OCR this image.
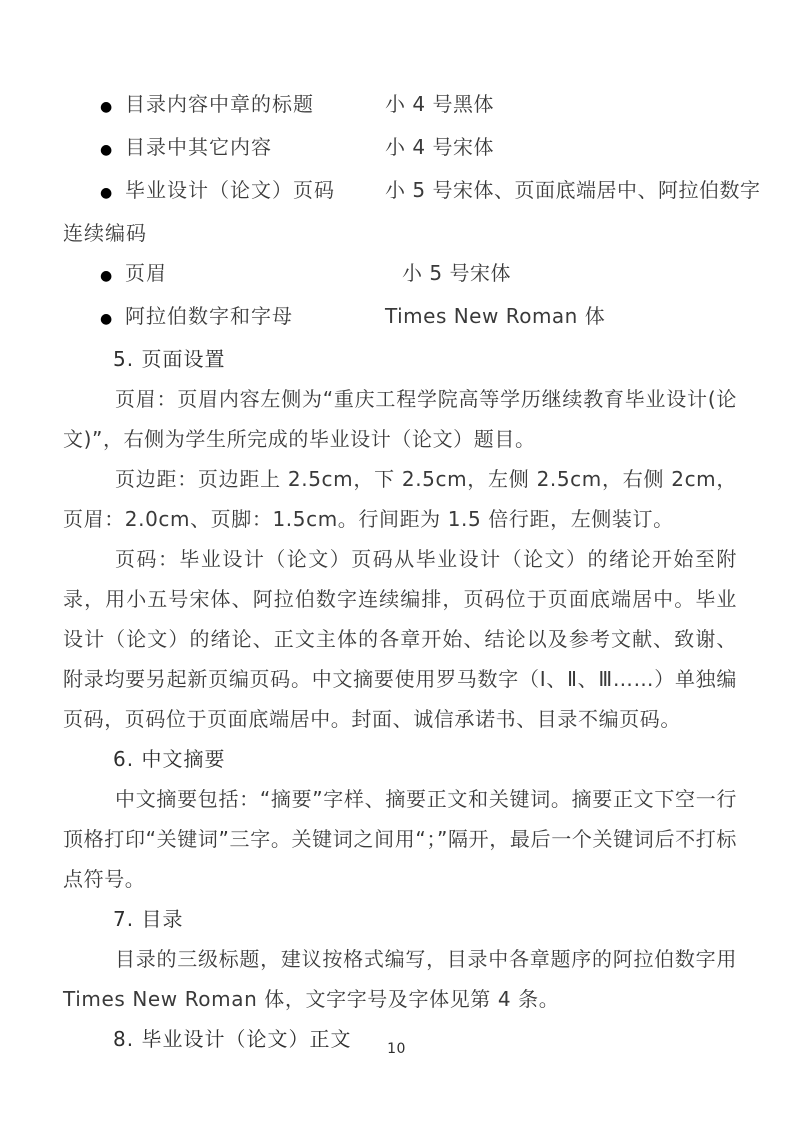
● 目录内容中章的标题	小 4 号黑体
● 目录中其它内容	小 4 号宋体
● 毕业设计（论文）页码	小 5 号宋体、页面底端居中、阿拉伯数字
连续编码
● 页眉	小 5 号宋体
● 阿拉伯数字和字母	Times New Roman 体
5. 页面设置

页眉：页眉内容左侧为“重庆工程学院高等学历继续教育毕业设计(论文)”，右侧为学生所完成的毕业设计（论文）题目。

页边距：页边距上 2.5cm，下 2.5cm，左侧 2.5cm，右侧 2cm，页眉：2.0cm、页脚：1.5cm。行间距为 1.5 倍行距，左侧装订。

页码：毕业设计（论文）页码从毕业设计（论文）的绪论开始至附录，用小五号宋体、阿拉伯数字连续编排，页码位于页面底端居中。毕业设计（论文）的绪论、正文主体的各章开始、结论以及参考文献、致谢、附录均要另起新页编页码。中文摘要使用罗马数字（Ⅰ、Ⅱ、Ⅲ……）单独编页码，页码位于页面底端居中。封面、诚信承诺书、目录不编页码。

6. 中文摘要

中文摘要包括：“摘要”字样、摘要正文和关键词。摘要正文下空一行顶格打印“关键词”三字。关键词之间用“；”隔开，最后一个关键词后不打标点符号。

7. 目录

目录的三级标题，建议按格式编写，目录中各章题序的阿拉伯数字用 Times New Roman 体，文字字号及字体见第 4 条。

8. 毕业设计（论文）正文	10
